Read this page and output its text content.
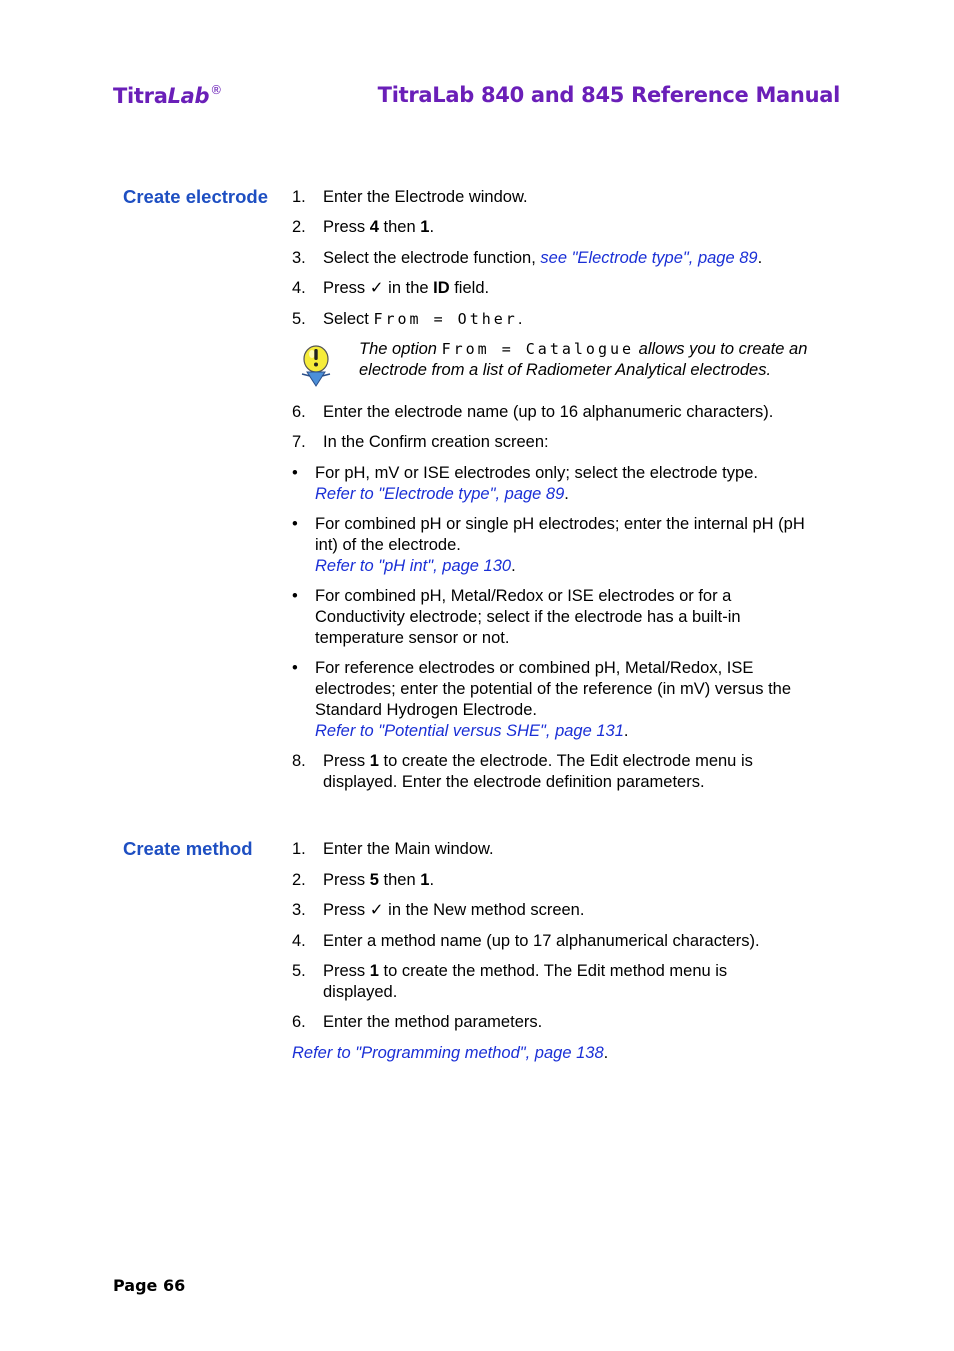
TitraLab®	TitraLab 840 and 845 Reference Manual
Create electrode 1. Enter the Electrode window.
2. Press 4 then 1.
3. Select the electrode function, see "Electrode type", page 89.
4. Press ✓ in the ID field.
5. Select From = Other.
The option From = Catalogue allows you to create an electrode from a list of Radiometer Analytical electrodes.
6. Enter the electrode name (up to 16 alphanumeric characters).
7. In the Confirm creation screen:
• For pH, mV or ISE electrodes only; select the electrode type.
Refer to "Electrode type", page 89.
• For combined pH or single pH electrodes; enter the internal pH (pH int) of the electrode.
Refer to "pH int", page 130.
• For combined pH, Metal/Redox or ISE electrodes or for a Conductivity electrode; select if the electrode has a built-in temperature sensor or not.
• For reference electrodes or combined pH, Metal/Redox, ISE electrodes; enter the potential of the reference (in mV) versus the Standard Hydrogen Electrode.
Refer to "Potential versus SHE", page 131.
8. Press 1 to create the electrode. The Edit electrode menu is displayed. Enter the electrode definition parameters.
Create method 1. Enter the Main window.
2. Press 5 then 1.
3. Press ✓ in the New method screen.
4. Enter a method name (up to 17 alphanumerical characters).
5. Press 1 to create the method. The Edit method menu is displayed.
6. Enter the method parameters.
Refer to "Programming method", page 138.
Page 66
